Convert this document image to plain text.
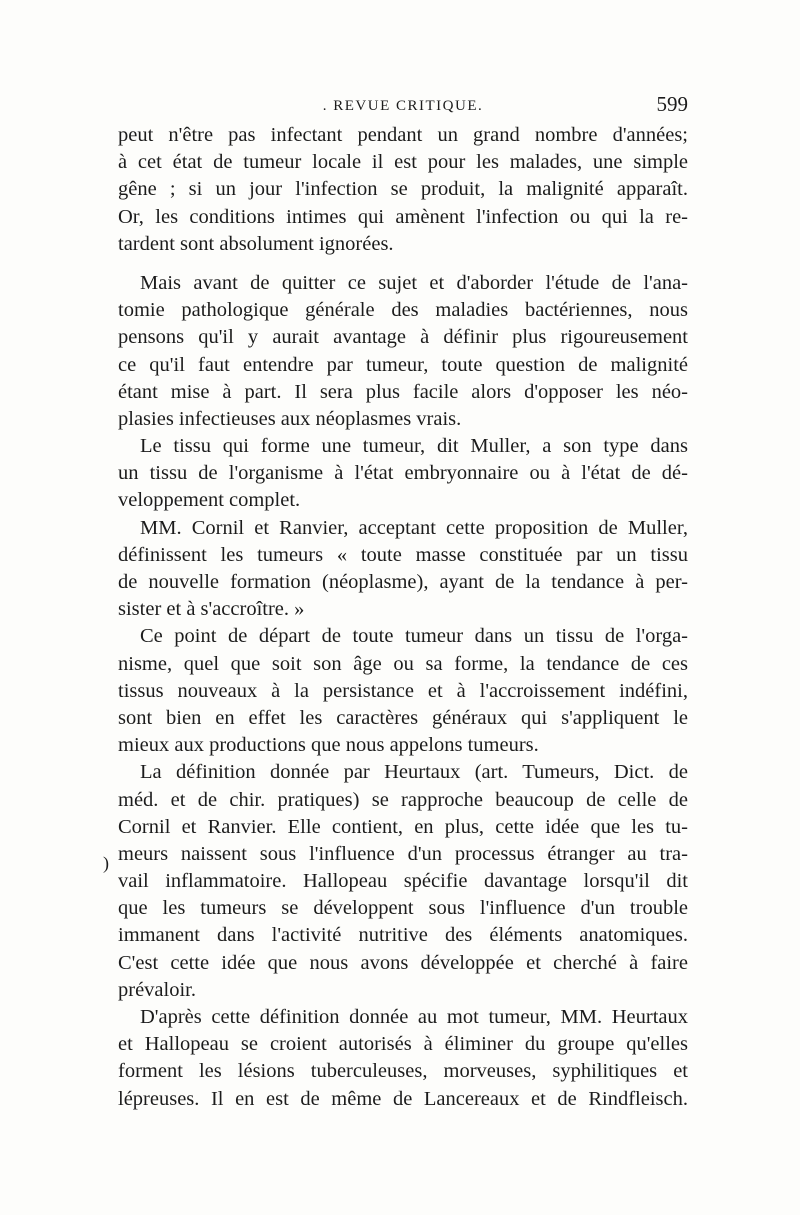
. REVUE CRITIQUE.	599
)
peut n'être pas infectant pendant un grand nombre d'années;
à cet état de tumeur locale il est pour les malades, une simple
gêne ; si un jour l'infection se produit, la malignité apparaît.
Or, les conditions intimes qui amènent l'infection ou qui la re-
tardent sont absolument ignorées.
Mais avant de quitter ce sujet et d'aborder l'étude de l'ana-
tomie pathologique générale des maladies bactériennes, nous
pensons qu'il y aurait avantage à définir plus rigoureusement
ce qu'il faut entendre par tumeur, toute question de malignité
étant mise à part. Il sera plus facile alors d'opposer les néo-
plasies infectieuses aux néoplasmes vrais.
Le tissu qui forme une tumeur, dit Muller, a son type dans
un tissu de l'organisme à l'état embryonnaire ou à l'état de dé-
veloppement complet.
MM. Cornil et Ranvier, acceptant cette proposition de Muller,
définissent les tumeurs « toute masse constituée par un tissu
de nouvelle formation (néoplasme), ayant de la tendance à per-
sister et à s'accroître. »
Ce point de départ de toute tumeur dans un tissu de l'orga-
nisme, quel que soit son âge ou sa forme, la tendance de ces
tissus nouveaux à la persistance et à l'accroissement indéfini,
sont bien en effet les caractères généraux qui s'appliquent le
mieux aux productions que nous appelons tumeurs.
La définition donnée par Heurtaux (art. Tumeurs, Dict. de
méd. et de chir. pratiques) se rapproche beaucoup de celle de
Cornil et Ranvier. Elle contient, en plus, cette idée que les tu-
meurs naissent sous l'influence d'un processus étranger au tra-
vail inflammatoire. Hallopeau spécifie davantage lorsqu'il dit
que les tumeurs se développent sous l'influence d'un trouble
immanent dans l'activité nutritive des éléments anatomiques.
C'est cette idée que nous avons développée et cherché à faire
prévaloir.
D'après cette définition donnée au mot tumeur, MM. Heurtaux
et Hallopeau se croient autorisés à éliminer du groupe qu'elles
forment les lésions tuberculeuses, morveuses, syphilitiques et
lépreuses. Il en est de même de Lancereaux et de Rindfleisch.
